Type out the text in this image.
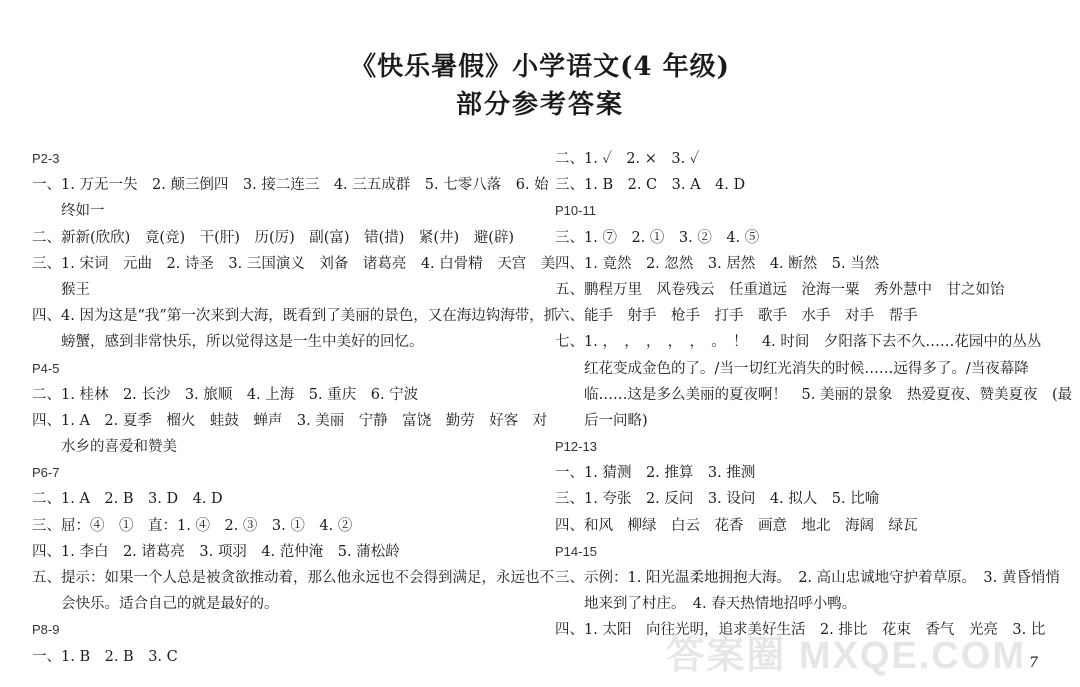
《快乐暑假》小学语文(4 年级)
部分参考答案
P2-3
一、1. 万无一失　2. 颠三倒四　3. 接二连三　4. 三五成群　5. 七零八落　6. 始
终如一
二、新新(欣欣)　竟(竞)　干(肝)　历(厉)　副(富)　错(措)　紧(井)　避(辟)
三、1. 宋词　元曲　2. 诗圣　3. 三国演义　刘备　诸葛亮　4. 白骨精　天宫　美
猴王
四、4. 因为这是“我”第一次来到大海，既看到了美丽的景色，又在海边钩海带，抓
螃蟹，感到非常快乐，所以觉得这是一生中美好的回忆。
P4-5
二、1. 桂林　2. 长沙　3. 旅顺　4. 上海　5. 重庆　6. 宁波
四、1. A　2. 夏季　榴火　蛙鼓　蝉声　3. 美丽　宁静　富饶　勤劳　好客　对
水乡的喜爱和赞美
P6-7
二、1. A　2. B　3. D　4. D
三、屈：④　①　直：1. ④　2. ③　3. ①　4. ②
四、1. 李白　2. 诸葛亮　3. 项羽　4. 范仲淹　5. 蒲松龄
五、提示：如果一个人总是被贪欲推动着，那么他永远也不会得到满足，永远也不
会快乐。适合自己的就是最好的。
P8-9
一、1. B　2. B　3. C
二、1. ✓　2. ×　3. ✓
三、1. B　2. C　3. A　4. D
P10-11
三、1. ⑦　2. ①　3. ②　4. ⑤
四、1. 竟然　2. 忽然　3. 居然　4. 断然　5. 当然
五、鹏程万里　风卷残云　任重道远　沧海一粟　秀外慧中　甘之如饴
六、能手　射手　枪手　打手　歌手　水手　对手　帮手
七、1. ，　，　，　，　，　。　！　4. 时间　夕阳落下去不久……花园中的丛丛
红花变成金色的了。/当一切红光消失的时候……远得多了。/当夜幕降
临……这是多么美丽的夏夜啊！　5. 美丽的景象　热爱夏夜、赞美夏夜　(最
后一问略)
P12-13
一、1. 猜测　2. 推算　3. 推测
三、1. 夸张　2. 反问　3. 设问　4. 拟人　5. 比喻
四、和风　柳绿　白云　花香　画意　地北　海阔　绿瓦
P14-15
三、示例：1. 阳光温柔地拥抱大海。　2. 高山忠诚地守护着草原。　3. 黄昏悄悄
地来到了村庄。　4. 春天热情地招呼小鸭。
四、1. 太阳　向往光明，追求美好生活　2. 排比　花束　香气　光亮　3. 比
答案圈 MXQE.COM 7
